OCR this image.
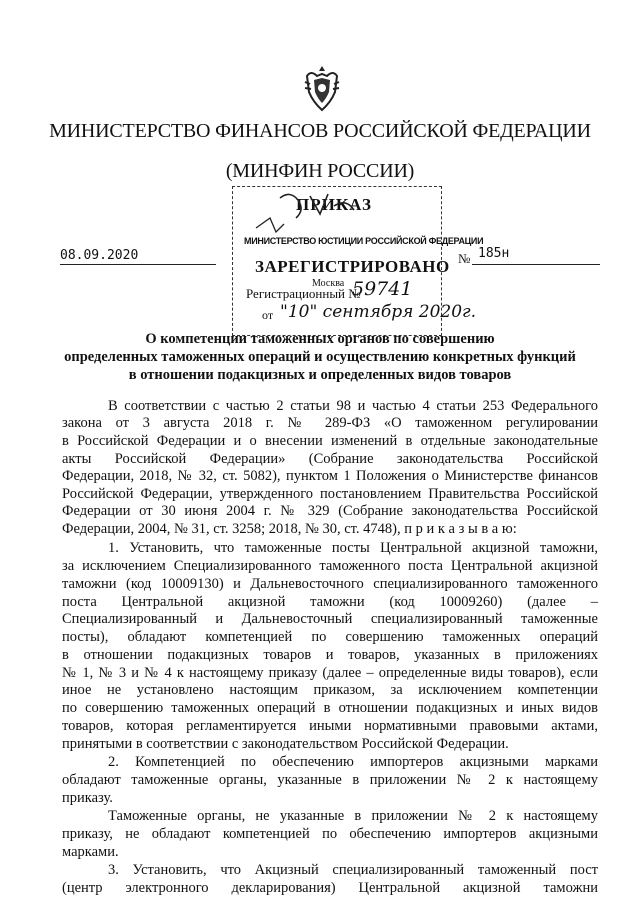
МИНИСТЕРСТВО ФИНАНСОВ РОССИЙСКОЙ ФЕДЕРАЦИИ
(МИНФИН РОССИИ)
ПРИКАЗ
МИНИСТЕРСТВО ЮСТИЦИИ РОССИЙСКОЙ ФЕДЕРАЦИИ
08.09.2020	№ 185н
ЗАРЕГИСТРИРОВАНО
Москва
Регистрационный №
59741
от "10" сентября 2020г.
О компетенции таможенных органов по совершению
определенных таможенных операций и осуществлению конкретных функций
в отношении подакцизных и определенных видов товаров
В соответствии с частью 2 статьи 98 и частью 4 статьи 253 Федерального
закона от 3 августа 2018 г. № 289-ФЗ «О таможенном регулировании
в Российской Федерации и о внесении изменений в отдельные законодательные
акты Российской Федерации» (Собрание законодательства Российской
Федерации, 2018, № 32, ст. 5082), пунктом 1 Положения о Министерстве финансов
Российской Федерации, утвержденного постановлением Правительства Российской
Федерации от 30 июня 2004 г. № 329 (Собрание законодательства Российской
Федерации, 2004, № 31, ст. 3258; 2018, № 30, ст. 4748), п р и к а з ы в а ю:
1. Установить, что таможенные посты Центральной акцизной таможни,
за исключением Специализированного таможенного поста Центральной акцизной
таможни (код 10009130) и Дальневосточного специализированного таможенного
поста Центральной акцизной таможни (код 10009260) (далее –
Специализированный и Дальневосточный специализированный таможенные
посты), обладают компетенцией по совершению таможенных операций
в отношении подакцизных товаров и товаров, указанных в приложениях
№ 1, № 3 и № 4 к настоящему приказу (далее – определенные виды товаров), если
иное не установлено настоящим приказом, за исключением компетенции
по совершению таможенных операций в отношении подакцизных и иных видов
товаров, которая регламентируется иными нормативными правовыми актами,
принятыми в соответствии с законодательством Российской Федерации.
2. Компетенцией по обеспечению импортеров акцизными марками
обладают таможенные органы, указанные в приложении № 2 к настоящему
приказу.
Таможенные органы, не указанные в приложении № 2 к настоящему
приказу, не обладают компетенцией по обеспечению импортеров акцизными
марками.
3. Установить, что Акцизный специализированный таможенный пост
(центр электронного декларирования) Центральной акцизной таможни
